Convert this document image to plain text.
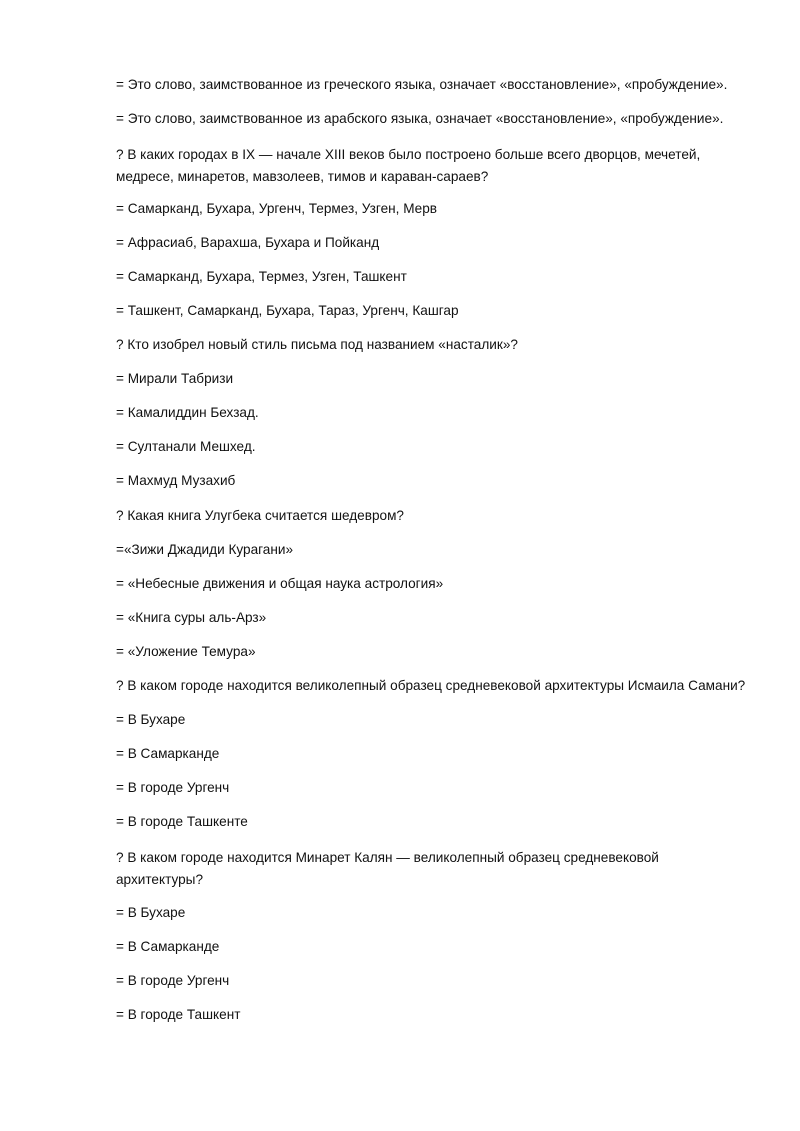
= Это слово, заимствованное из греческого языка, означает «восстановление», «пробуждение».

= Это слово, заимствованное из арабского языка, означает «восстановление», «пробуждение».

? В каких городах в IX — начале XIII веков было построено больше всего дворцов, мечетей, медресе, минаретов, мавзолеев, тимов и караван-сараев?

= Самарканд, Бухара, Ургенч, Термез, Узген, Мерв

= Афрасиаб, Варахша, Бухара и Пойканд

= Самарканд, Бухара, Термез, Узген, Ташкент

= Ташкент, Самарканд, Бухара, Тараз, Ургенч, Кашгар

? Кто изобрел новый стиль письма под названием «насталик»?

= Мирали Табризи

= Камалиддин Бехзад.

= Султанали Мешхед.

= Махмуд Музахиб

? Какая книга Улугбека считается шедевром?

=«Зижи Джадиди Курагани»

= «Небесные движения и общая наука астрология»

= «Книга суры аль-Арз»

= «Уложение Темура»

? В каком городе находится великолепный образец средневековой архитектуры Исмаила Самани?

= В Бухаре

= В Самарканде

= В городе Ургенч

= В городе Ташкенте

? В каком городе находится Минарет Калян — великолепный образец средневековой архитектуры?

= В Бухаре

= В Самарканде

= В городе Ургенч

= В городе Ташкент
